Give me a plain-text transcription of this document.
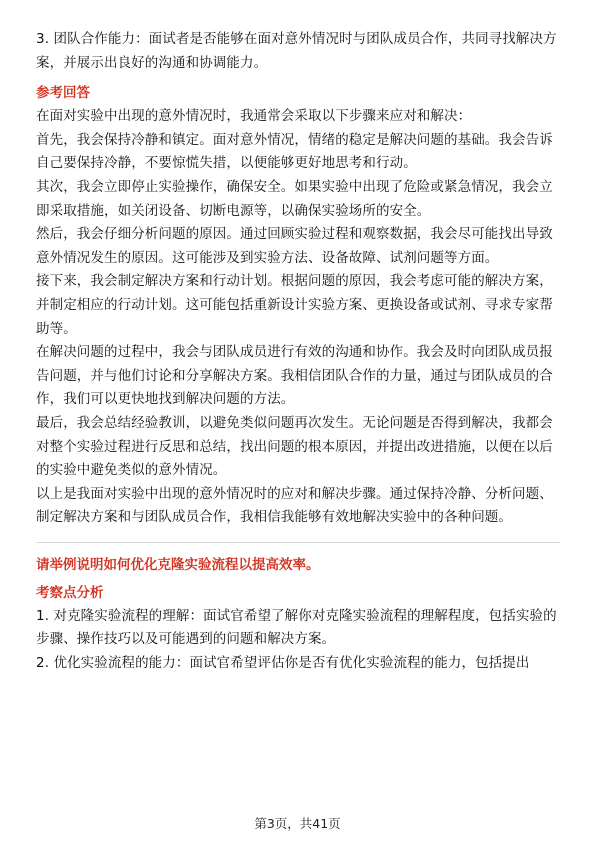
3. 团队合作能力：面试者是否能够在面对意外情况时与团队成员合作，共同寻找解决方案，并展示出良好的沟通和协调能力。

参考回答

在面对实验中出现的意外情况时，我通常会采取以下步骤来应对和解决：

首先，我会保持冷静和镇定。面对意外情况，情绪的稳定是解决问题的基础。我会告诉自己要保持冷静，不要惊慌失措，以便能够更好地思考和行动。

其次，我会立即停止实验操作，确保安全。如果实验中出现了危险或紧急情况，我会立即采取措施，如关闭设备、切断电源等，以确保实验场所的安全。

然后，我会仔细分析问题的原因。通过回顾实验过程和观察数据，我会尽可能找出导致意外情况发生的原因。这可能涉及到实验方法、设备故障、试剂问题等方面。

接下来，我会制定解决方案和行动计划。根据问题的原因，我会考虑可能的解决方案，并制定相应的行动计划。这可能包括重新设计实验方案、更换设备或试剂、寻求专家帮助等。

在解决问题的过程中，我会与团队成员进行有效的沟通和协作。我会及时向团队成员报告问题，并与他们讨论和分享解决方案。我相信团队合作的力量，通过与团队成员的合作，我们可以更快地找到解决问题的方法。

最后，我会总结经验教训，以避免类似问题再次发生。无论问题是否得到解决，我都会对整个实验过程进行反思和总结，找出问题的根本原因，并提出改进措施，以便在以后的实验中避免类似的意外情况。

以上是我面对实验中出现的意外情况时的应对和解决步骤。通过保持冷静、分析问题、制定解决方案和与团队成员合作，我相信我能够有效地解决实验中的各种问题。

请举例说明如何优化克隆实验流程以提高效率。
考察点分析

1. 对克隆实验流程的理解：面试官希望了解你对克隆实验流程的理解程度，包括实验的步骤、操作技巧以及可能遇到的问题和解决方案。

2. 优化实验流程的能力：面试官希望评估你是否有优化实验流程的能力，包括提出

第3页，共41页
